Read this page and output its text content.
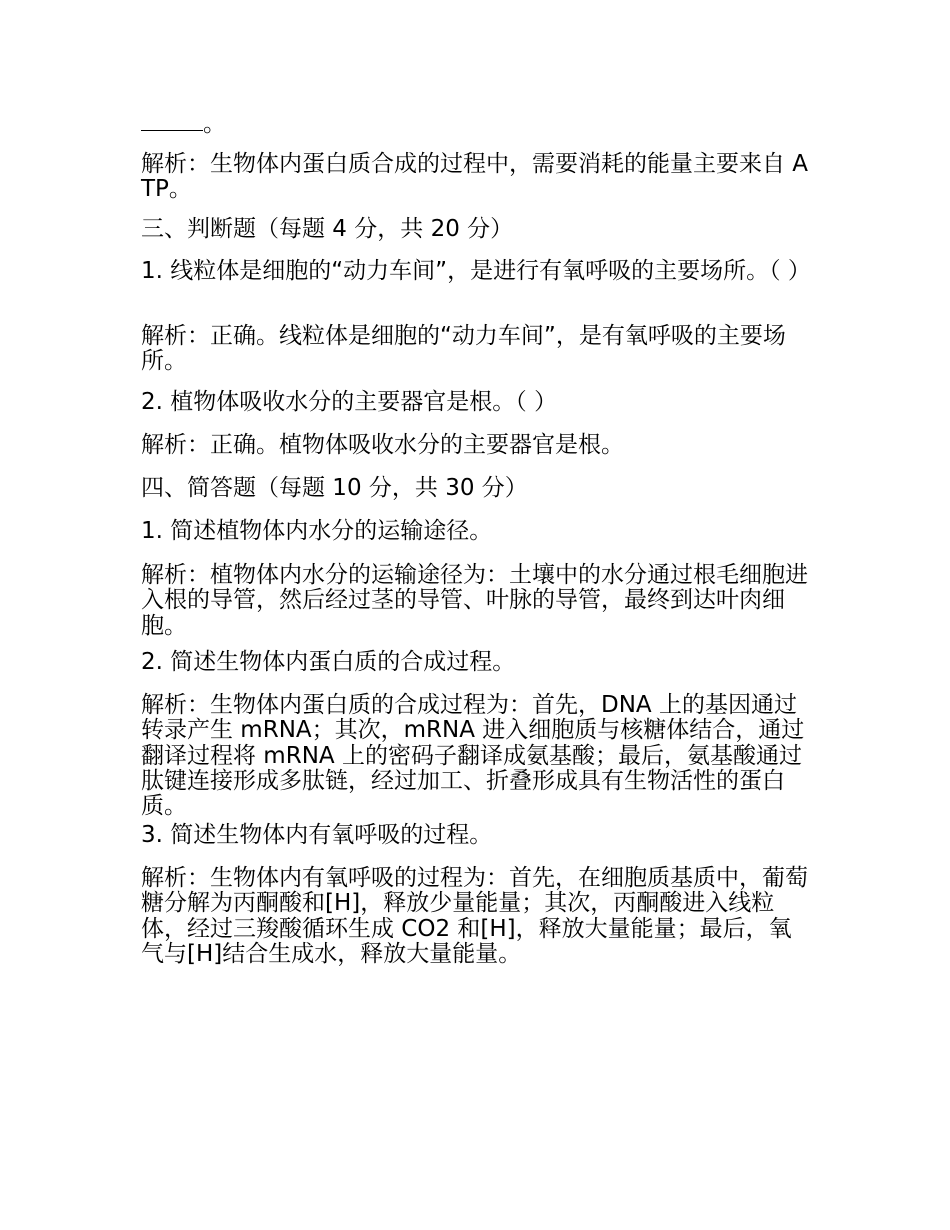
。

解析：生物体内蛋白质合成的过程中，需要消耗的能量主要来自 ATP。

三、判断题（每题 4 分，共 20 分）

1. 线粒体是细胞的“动力车间”，是进行有氧呼吸的主要场所。（ ）

解析：正确。线粒体是细胞的“动力车间”，是有氧呼吸的主要场所。

2. 植物体吸收水分的主要器官是根。（ ）

解析：正确。植物体吸收水分的主要器官是根。

四、简答题（每题 10 分，共 30 分）

1. 简述植物体内水分的运输途径。

解析：植物体内水分的运输途径为：土壤中的水分通过根毛细胞进入根的导管，然后经过茎的导管、叶脉的导管，最终到达叶肉细胞。

2. 简述生物体内蛋白质的合成过程。

解析：生物体内蛋白质的合成过程为：首先，DNA 上的基因通过转录产生 mRNA；其次，mRNA 进入细胞质与核糖体结合，通过翻译过程将 mRNA 上的密码子翻译成氨基酸；最后，氨基酸通过肽键连接形成多肽链，经过加工、折叠形成具有生物活性的蛋白质。

3. 简述生物体内有氧呼吸的过程。

解析：生物体内有氧呼吸的过程为：首先，在细胞质基质中，葡萄糖分解为丙酮酸和[H]，释放少量能量；其次，丙酮酸进入线粒体，经过三羧酸循环生成 CO2 和[H]，释放大量能量；最后，氧气与[H]结合生成水，释放大量能量。
